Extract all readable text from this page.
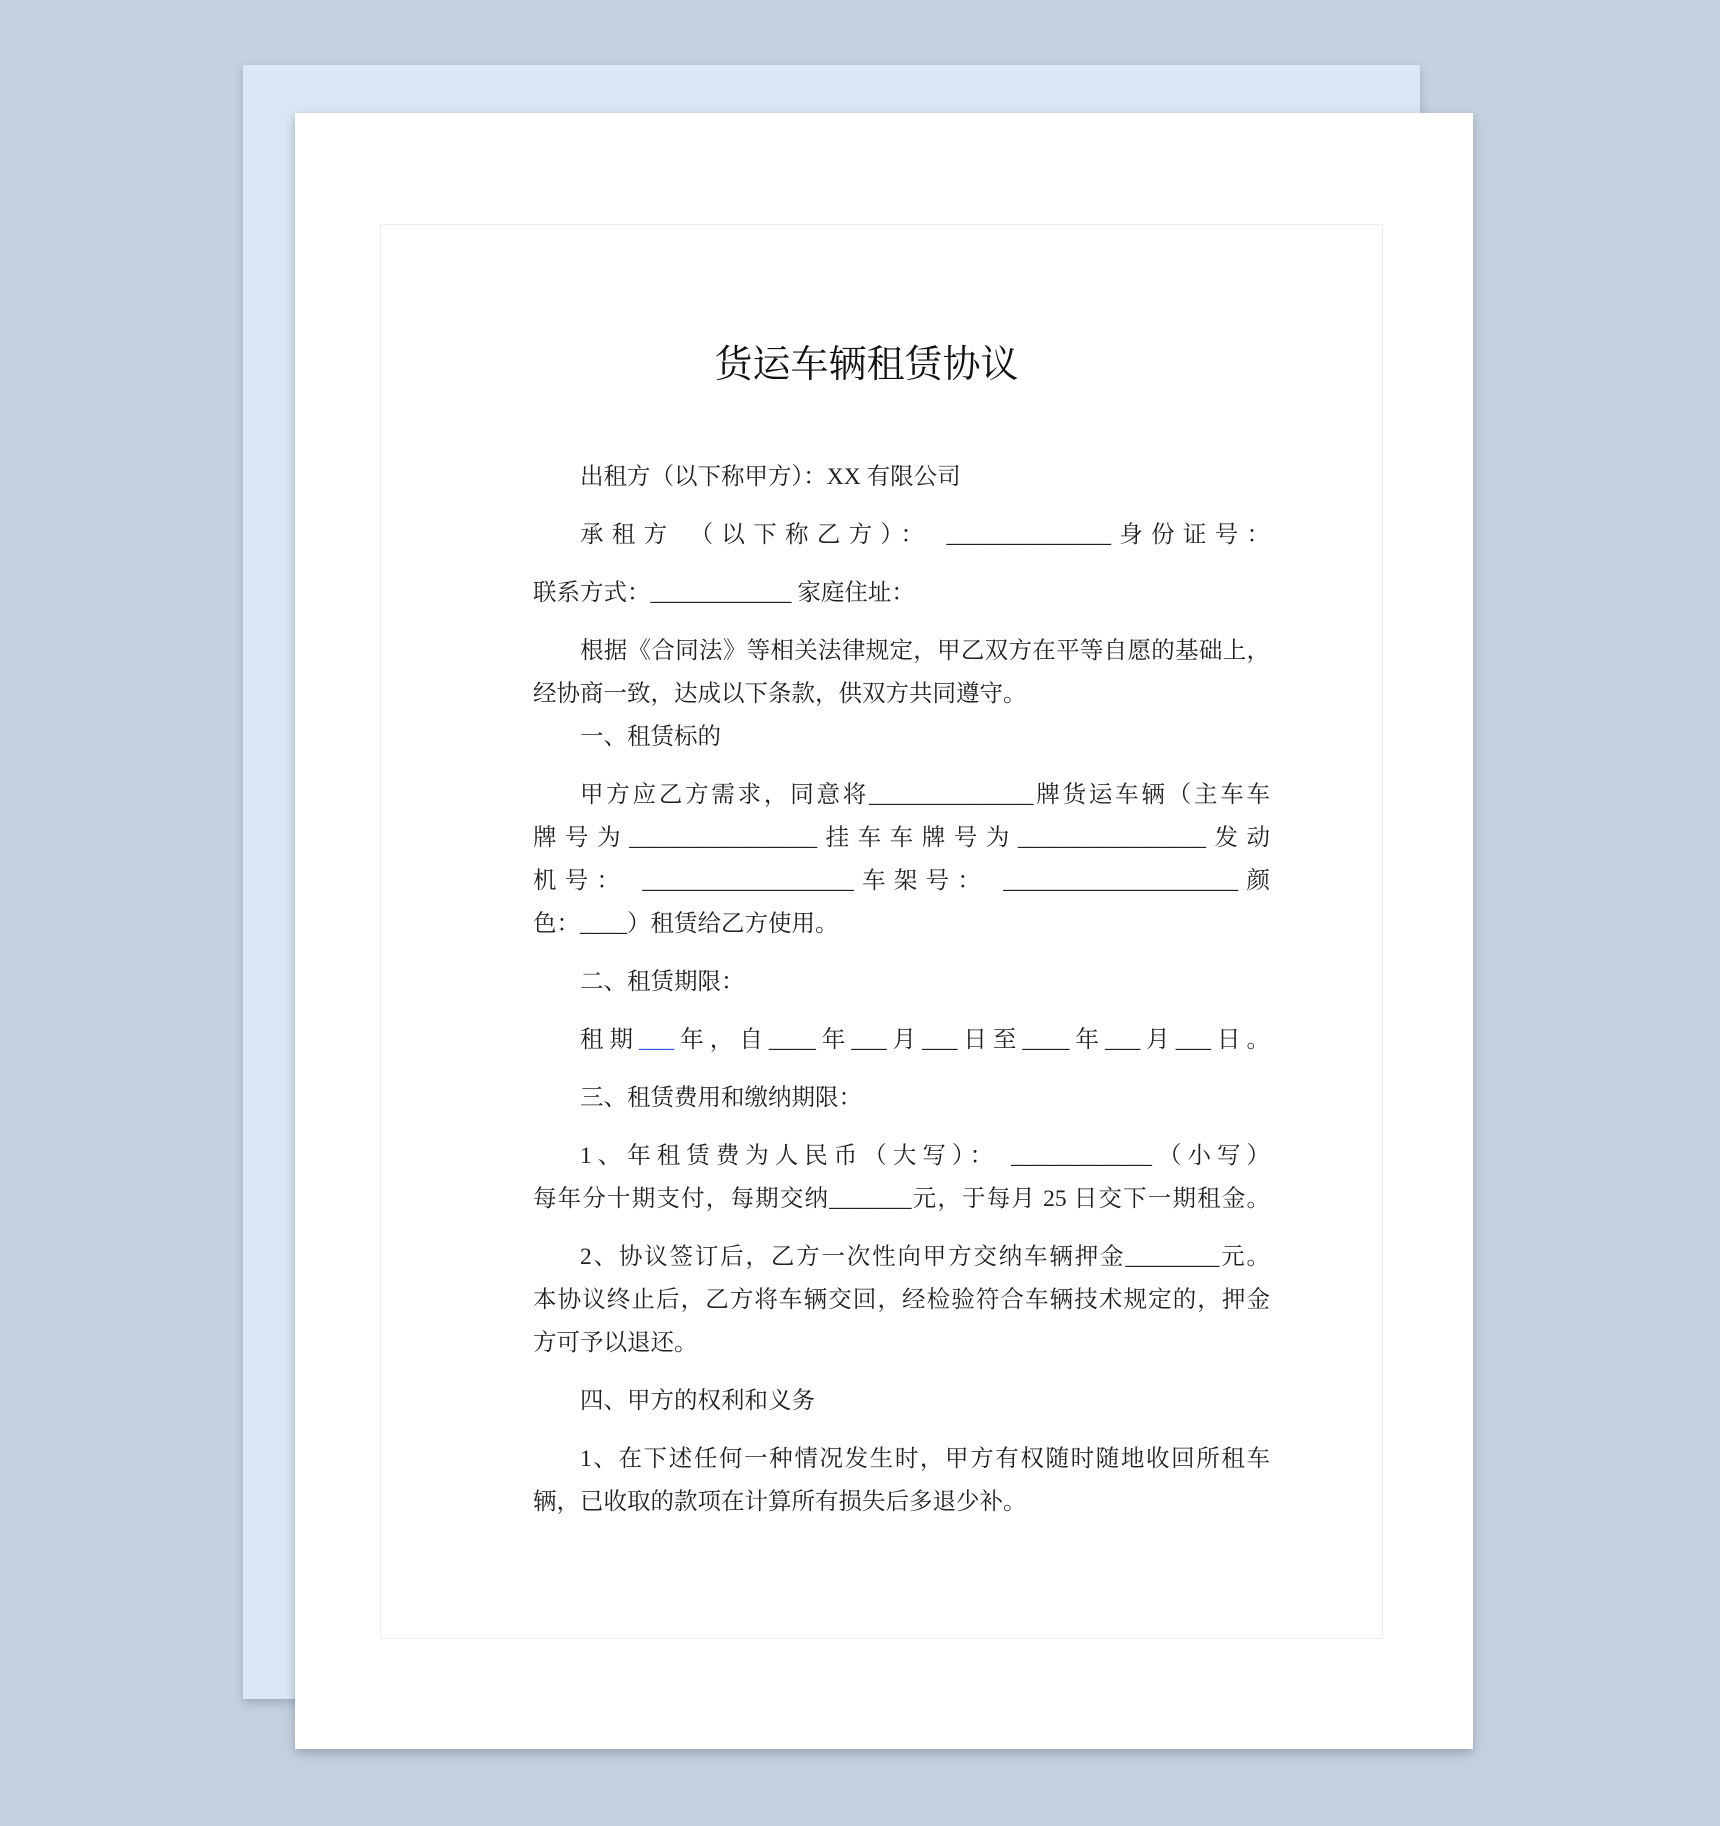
货运车辆租赁协议
出租方（以下称甲方）：XX 有限公司
承租方 （以下称乙方）： ______________身份证号：
联系方式：____________ 家庭住址：
根据《合同法》等相关法律规定，甲乙双方在平等自愿的基础上，
经协商一致，达成以下条款，供双方共同遵守。
一、租赁标的
甲方应乙方需求，同意将______________牌货运车辆（主车车
牌号为________________挂车车牌号为________________发动
机号： __________________车架号： ____________________颜
色：____）租赁给乙方使用。
二、租赁期限：
租期___年，自____年___月___日至____年___月___日。
三、租赁费用和缴纳期限：
1、年租赁费为人民币（大写）： ____________（小写）
每年分十期支付，每期交纳_______元，于每月 25 日交下一期租金。
2、协议签订后，乙方一次性向甲方交纳车辆押金________元。
本协议终止后，乙方将车辆交回，经检验符合车辆技术规定的，押金
方可予以退还。
四、甲方的权利和义务
1、在下述任何一种情况发生时，甲方有权随时随地收回所租车
辆，已收取的款项在计算所有损失后多退少补。
